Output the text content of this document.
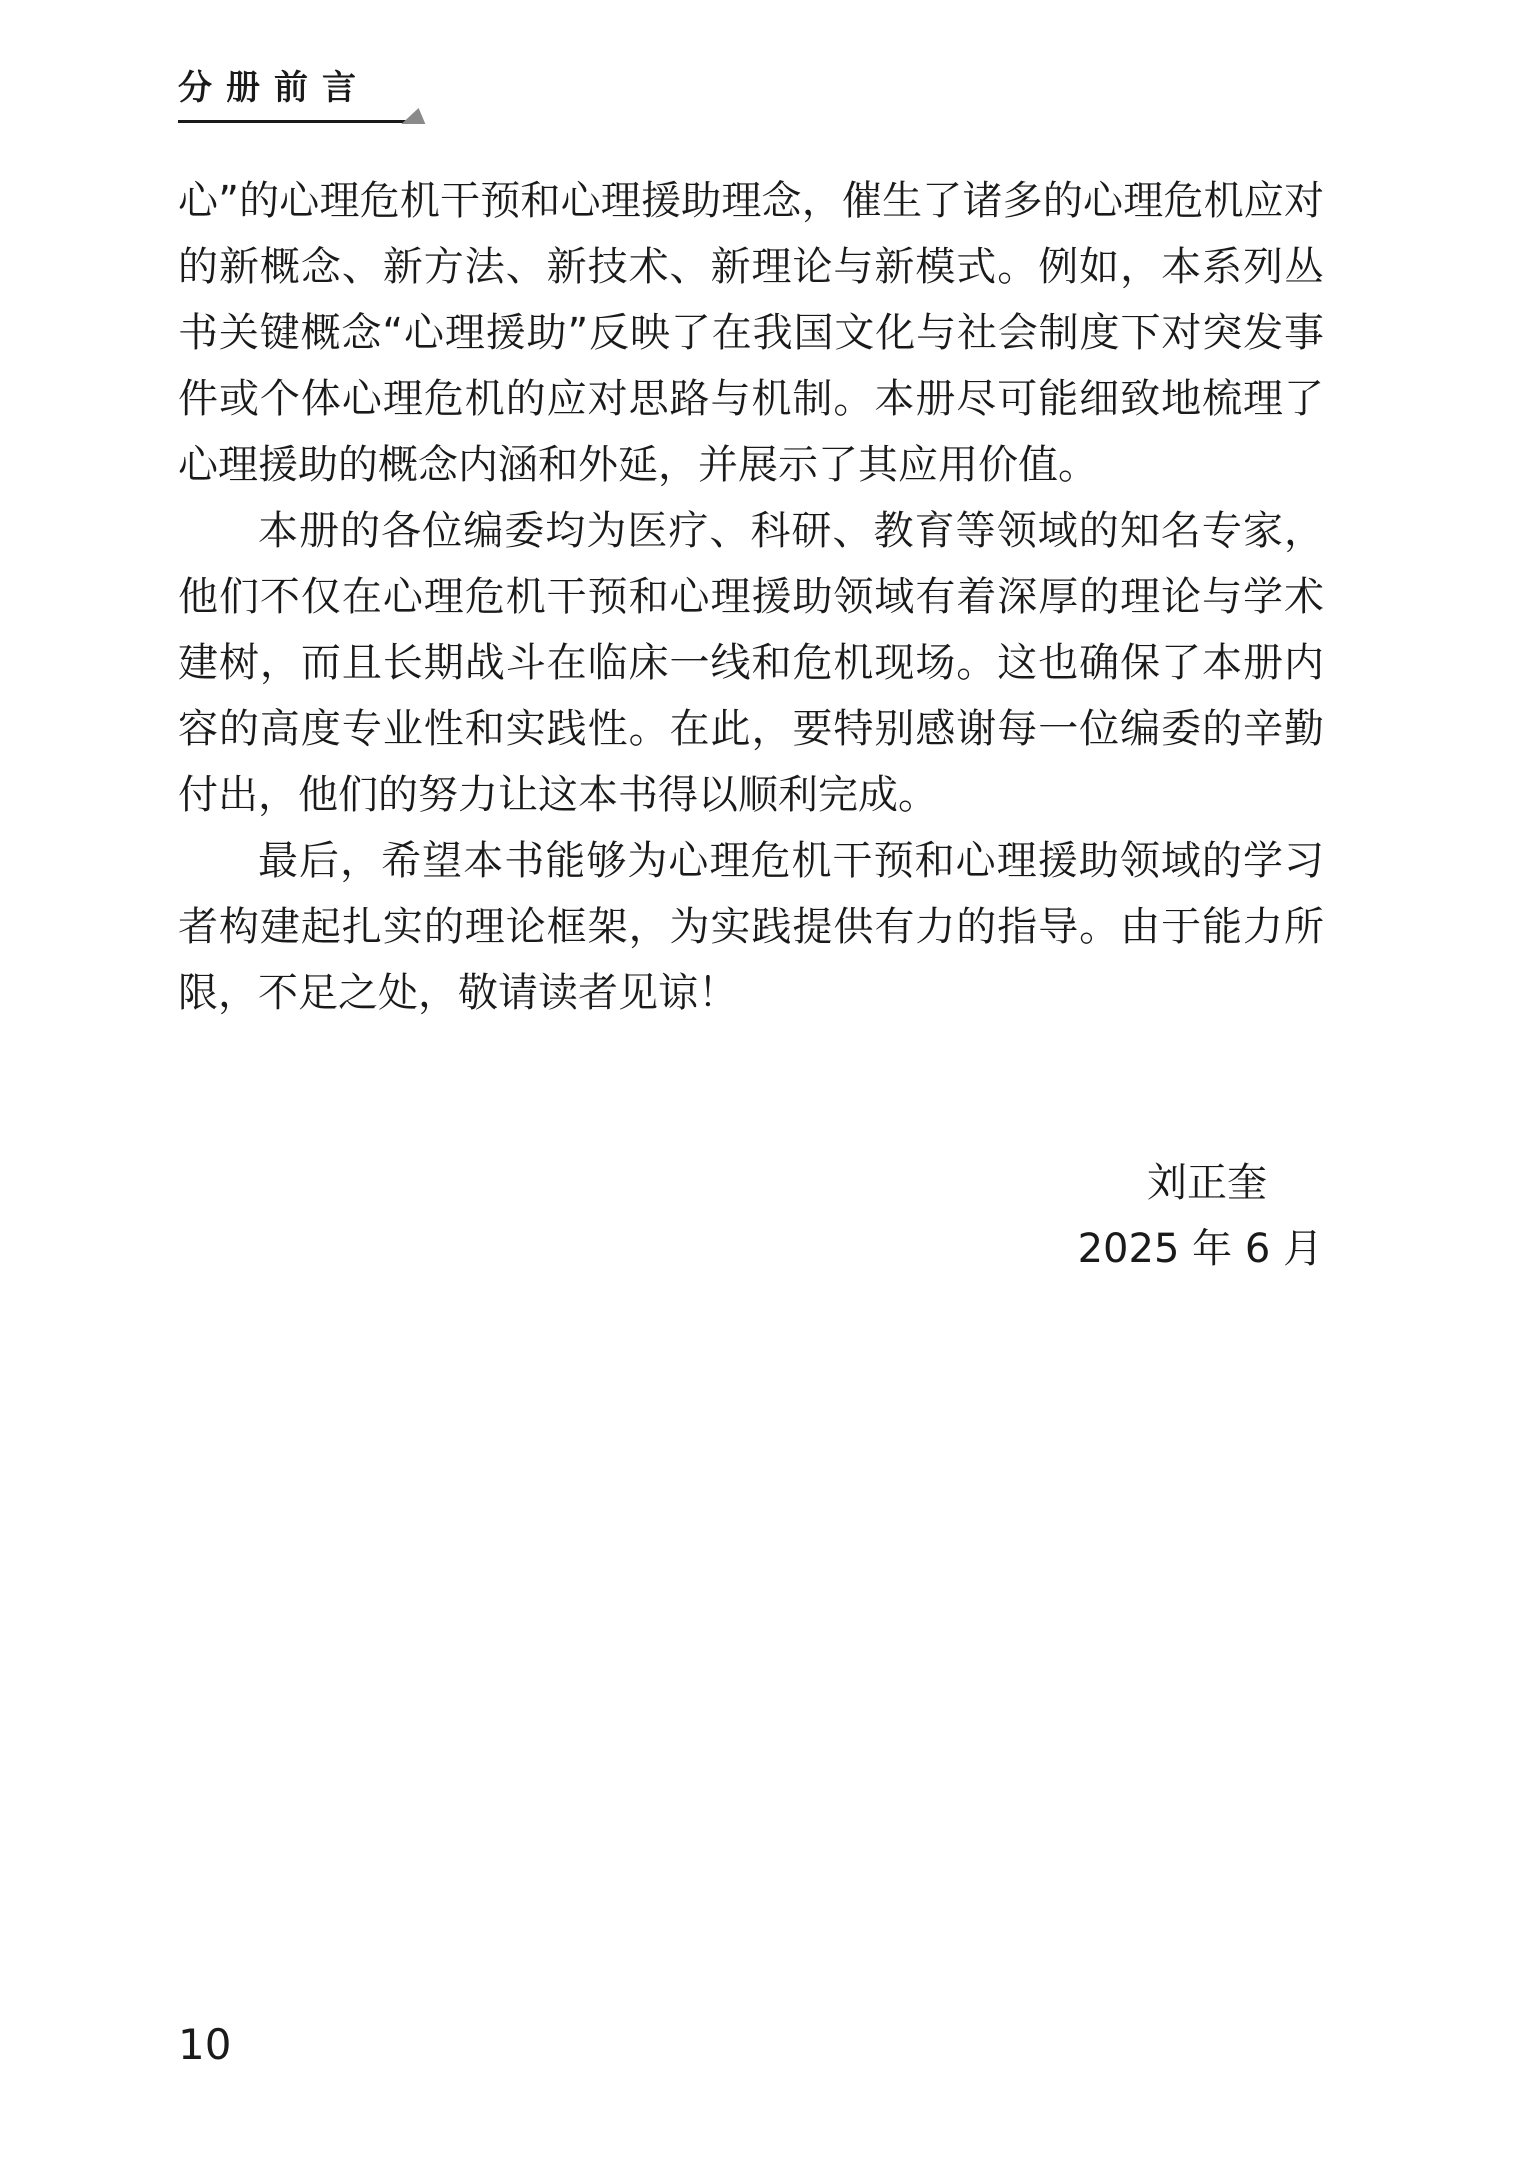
分册前言

心”的心理危机干预和心理援助理念，催生了诸多的心理危机应对的新概念、新方法、新技术、新理论与新模式。例如，本系列丛书关键概念“心理援助”反映了在我国文化与社会制度下对突发事件或个体心理危机的应对思路与机制。本册尽可能细致地梳理了心理援助的概念内涵和外延，并展示了其应用价值。

本册的各位编委均为医疗、科研、教育等领域的知名专家，他们不仅在心理危机干预和心理援助领域有着深厚的理论与学术建树，而且长期战斗在临床一线和危机现场。这也确保了本册内容的高度专业性和实践性。在此，要特别感谢每一位编委的辛勤付出，他们的努力让这本书得以顺利完成。

最后，希望本书能够为心理危机干预和心理援助领域的学习者构建起扎实的理论框架，为实践提供有力的指导。由于能力所限，不足之处，敬请读者见谅！

刘正奎
2025 年 6 月
10
